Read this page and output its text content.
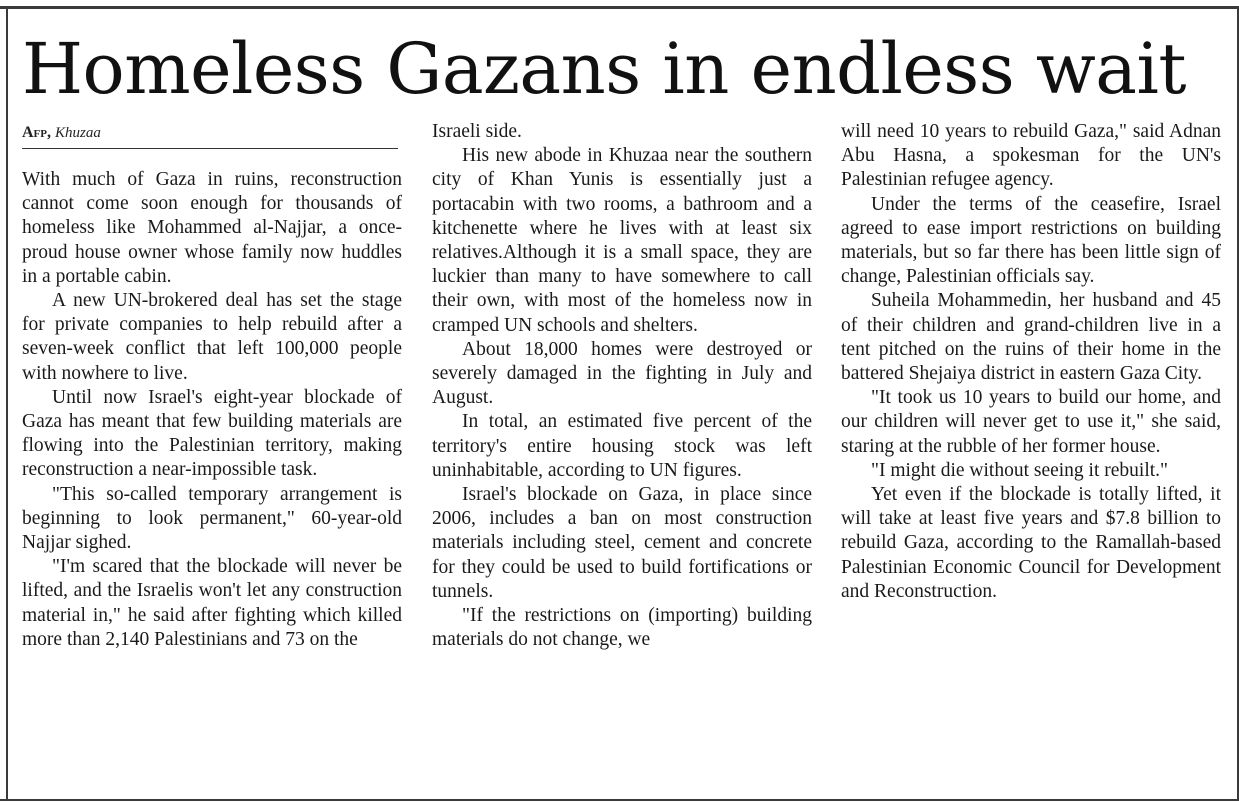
Homeless Gazans in endless wait
Afp, Khuzaa

With much of Gaza in ruins, reconstruction cannot come soon enough for thousands of homeless like Mohammed al-Najjar, a once-proud house owner whose family now huddles in a portable cabin.

A new UN-brokered deal has set the stage for private companies to help rebuild after a seven-week conflict that left 100,000 people with nowhere to live.

Until now Israel's eight-year blockade of Gaza has meant that few building materials are flowing into the Palestinian territory, making reconstruction a near-impossible task.

"This so-called temporary arrangement is beginning to look permanent," 60-year-old Najjar sighed.

"I'm scared that the blockade will never be lifted, and the Israelis won't let any construction material in," he said after fighting which killed more than 2,140 Palestinians and 73 on the

Israeli side.

His new abode in Khuzaa near the southern city of Khan Yunis is essentially just a portacabin with two rooms, a bathroom and a kitchenette where he lives with at least six relatives.Although it is a small space, they are luckier than many to have somewhere to call their own, with most of the homeless now in cramped UN schools and shelters.

About 18,000 homes were destroyed or severely damaged in the fighting in July and August.

In total, an estimated five percent of the territory's entire housing stock was left uninhabitable, according to UN figures.

Israel's blockade on Gaza, in place since 2006, includes a ban on most construction materials including steel, cement and concrete for they could be used to build fortifications or tunnels.

"If the restrictions on (importing) building materials do not change, we

will need 10 years to rebuild Gaza," said Adnan Abu Hasna, a spokesman for the UN's Palestinian refugee agency.

Under the terms of the ceasefire, Israel agreed to ease import restrictions on building materials, but so far there has been little sign of change, Palestinian officials say.

Suheila Mohammedin, her husband and 45 of their children and grand-children live in a tent pitched on the ruins of their home in the battered Shejaiya district in eastern Gaza City.

"It took us 10 years to build our home, and our children will never get to use it," she said, staring at the rubble of her former house.

"I might die without seeing it rebuilt."

Yet even if the blockade is totally lifted, it will take at least five years and $7.8 billion to rebuild Gaza, according to the Ramallah-based Palestinian Economic Council for Development and Reconstruction.
